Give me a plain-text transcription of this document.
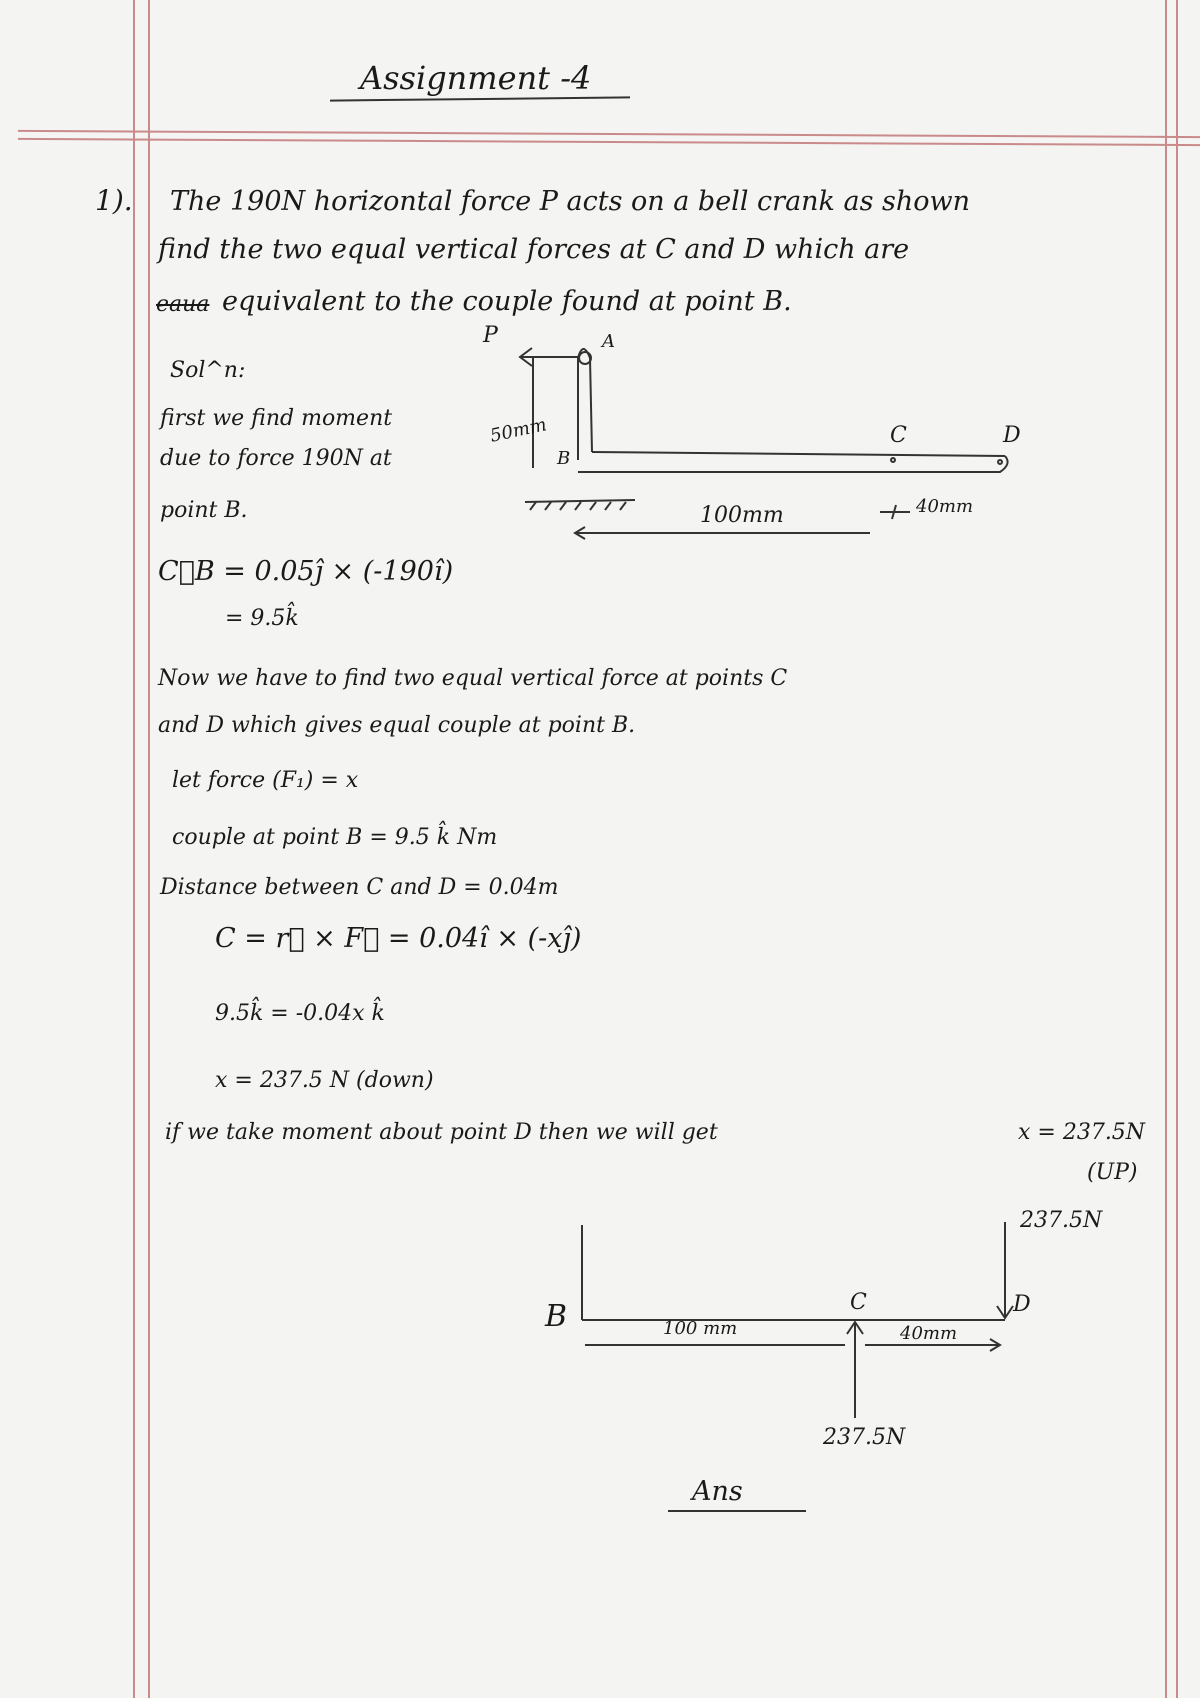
Assignment -4
1). The 190N horizontal force P acts on a bell crank as shown
find the two equal vertical forces at C and D which are
eaua equivalent to the couple found at point B.
Sol^n:
first we find moment
due to force 190N at
point B.
P	A
50mm
B
C	D
100mm	40mm
C⃗B = 0.05ĵ × (-190î)
= 9.5k̂
Now we have to find two equal vertical force at points C
and D which gives equal couple at point B.
let force (F₁) = x
couple at point B = 9.5 k̂ Nm
Distance between C and D = 0.04m
C = r⃗ × F⃗ = 0.04î × (-xĵ)
9.5k̂ = -0.04x k̂
x = 237.5 N (down)
if we take moment about point D then we will get	x = 237.5N
(UP)
B	C	D
237.5N
237.5N
100 mm	40mm
Ans
